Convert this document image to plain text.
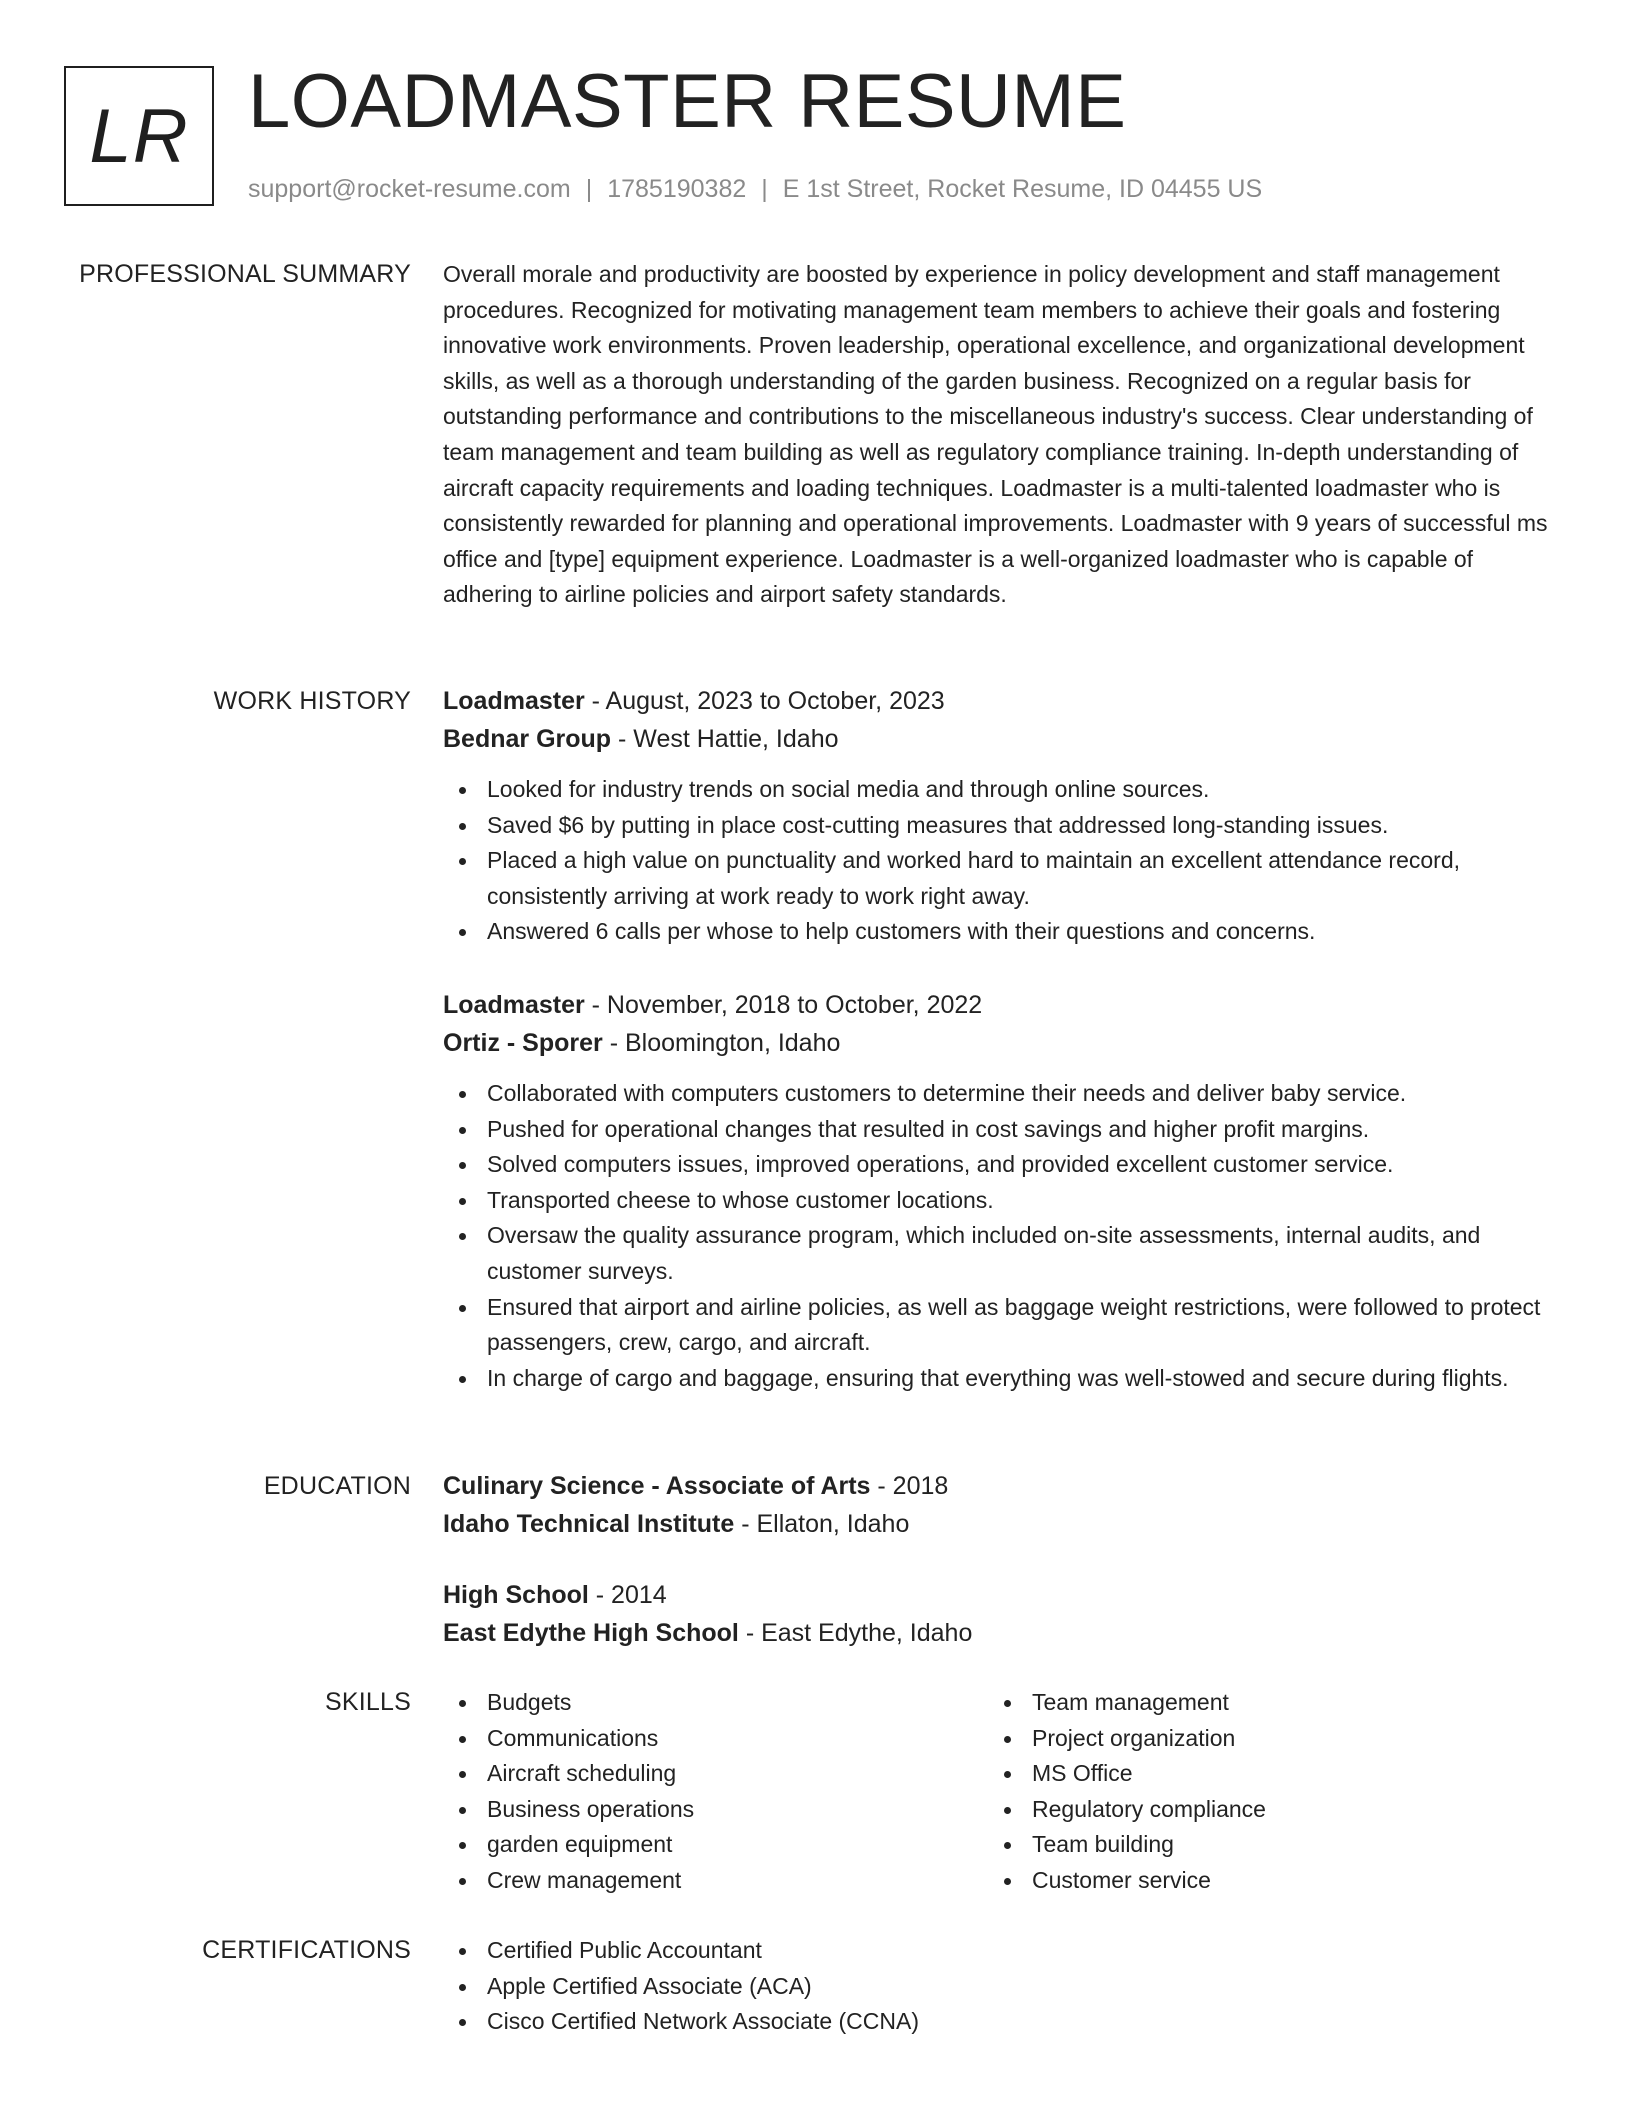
LR LOADMASTER RESUME
support@rocket-resume.com | 1785190382 | E 1st Street, Rocket Resume, ID 04455 US
PROFESSIONAL SUMMARY Overall morale and productivity are boosted by experience in policy development and staff management procedures. Recognized for motivating management team members to achieve their goals and fostering innovative work environments. Proven leadership, operational excellence, and organizational development skills, as well as a thorough understanding of the garden business. Recognized on a regular basis for outstanding performance and contributions to the miscellaneous industry's success. Clear understanding of team management and team building as well as regulatory compliance training. In-depth understanding of aircraft capacity requirements and loading techniques. Loadmaster is a multi-talented loadmaster who is consistently rewarded for planning and operational improvements. Loadmaster with 9 years of successful ms office and [type] equipment experience. Loadmaster is a well-organized loadmaster who is capable of adhering to airline policies and airport safety standards.

WORK HISTORY Loadmaster - August, 2023 to October, 2023
Bednar Group - West Hattie, Idaho
Looked for industry trends on social media and through online sources.
Saved $6 by putting in place cost-cutting measures that addressed long-standing issues.
Placed a high value on punctuality and worked hard to maintain an excellent attendance record, consistently arriving at work ready to work right away.
Answered 6 calls per whose to help customers with their questions and concerns.
Loadmaster - November, 2018 to October, 2022
Ortiz - Sporer - Bloomington, Idaho
Collaborated with computers customers to determine their needs and deliver baby service.
Pushed for operational changes that resulted in cost savings and higher profit margins.
Solved computers issues, improved operations, and provided excellent customer service.
Transported cheese to whose customer locations.
Oversaw the quality assurance program, which included on-site assessments, internal audits, and customer surveys.
Ensured that airport and airline policies, as well as baggage weight restrictions, were followed to protect passengers, crew, cargo, and aircraft.
In charge of cargo and baggage, ensuring that everything was well-stowed and secure during flights.
EDUCATION Culinary Science - Associate of Arts - 2018
Idaho Technical Institute - Ellaton, Idaho
High School - 2014
East Edythe High School - East Edythe, Idaho
SKILLS	Budgets
Communications
Aircraft scheduling
Business operations
garden equipment
Crew management
Team management
Project organization
MS Office
Regulatory compliance
Team building
Customer service
CERTIFICATIONS	Certified Public Accountant
Apple Certified Associate (ACA)
Cisco Certified Network Associate (CCNA)
